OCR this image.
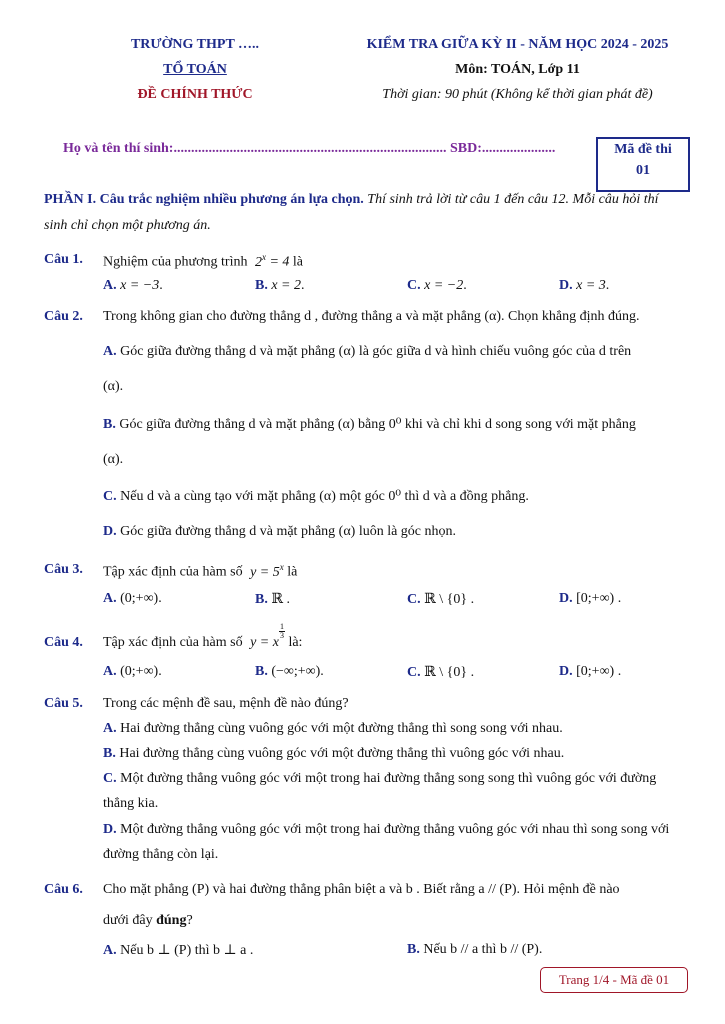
TRƯỜNG THPT …..
TỔ TOÁN
ĐỀ CHÍNH THỨC
KIỂM TRA GIỮA KỲ II - NĂM HỌC 2024 - 2025
Môn: TOÁN, Lớp 11
Thời gian: 90 phút (Không kể thời gian phát đề)
Họ và tên thí sinh:.............................................................................. SBD:.....................	Mã đề thi
01
PHẦN I. Câu trắc nghiệm nhiều phương án lựa chọn. Thí sinh trả lời từ câu 1 đến câu 12. Mỗi câu hỏi thí
sinh chỉ chọn một phương án.
Câu 1. Nghiệm của phương trình $2^x = 4$ là
A. x = −3.	B. x = 2.	C. x = −2.	D. x = 3.
Câu 2. Trong không gian cho đường thẳng d , đường thẳng a và mặt phẳng (α). Chọn khẳng định đúng.
A. Góc giữa đường thẳng d và mặt phẳng (α) là góc giữa d và hình chiếu vuông góc của d trên
(α).
B. Góc giữa đường thẳng d và mặt phẳng (α) bằng 0⁰ khi và chỉ khi d song song với mặt phẳng
(α).
C. Nếu d và a cùng tạo với mặt phẳng (α) một góc 0⁰ thì d và a đồng phẳng.
D. Góc giữa đường thẳng d và mặt phẳng (α) luôn là góc nhọn.
Câu 3. Tập xác định của hàm số $y = 5^x$ là
A. (0;+∞).	B. ℝ .	C. ℝ \ {0} .	D. [0;+∞) .
Câu 4. Tập xác định của hàm số y = x
$\frac{1}{3}$
là:
A. (0;+∞).	B. (−∞;+∞).	C. ℝ \ {0} .	D. [0;+∞) .
Câu 5. Trong các mệnh đề sau, mệnh đề nào đúng?
A. Hai đường thẳng cùng vuông góc với một đường thẳng thì song song với nhau.
B. Hai đường thẳng cùng vuông góc với một đường thẳng thì vuông góc với nhau.
C. Một đường thẳng vuông góc với một trong hai đường thẳng song song thì vuông góc với đường
thẳng kia.
D. Một đường thẳng vuông góc với một trong hai đường thẳng vuông góc với nhau thì song song với
đường thẳng còn lại.
Câu 6. Cho mặt phẳng (P) và hai đường thẳng phân biệt a và b . Biết rằng a // (P). Hỏi mệnh đề nào
dưới đây đúng?
A. Nếu b ⊥ (P) thì b ⊥ a .	B. Nếu b // a thì b // (P).
Trang 1/4 - Mã đề 01
